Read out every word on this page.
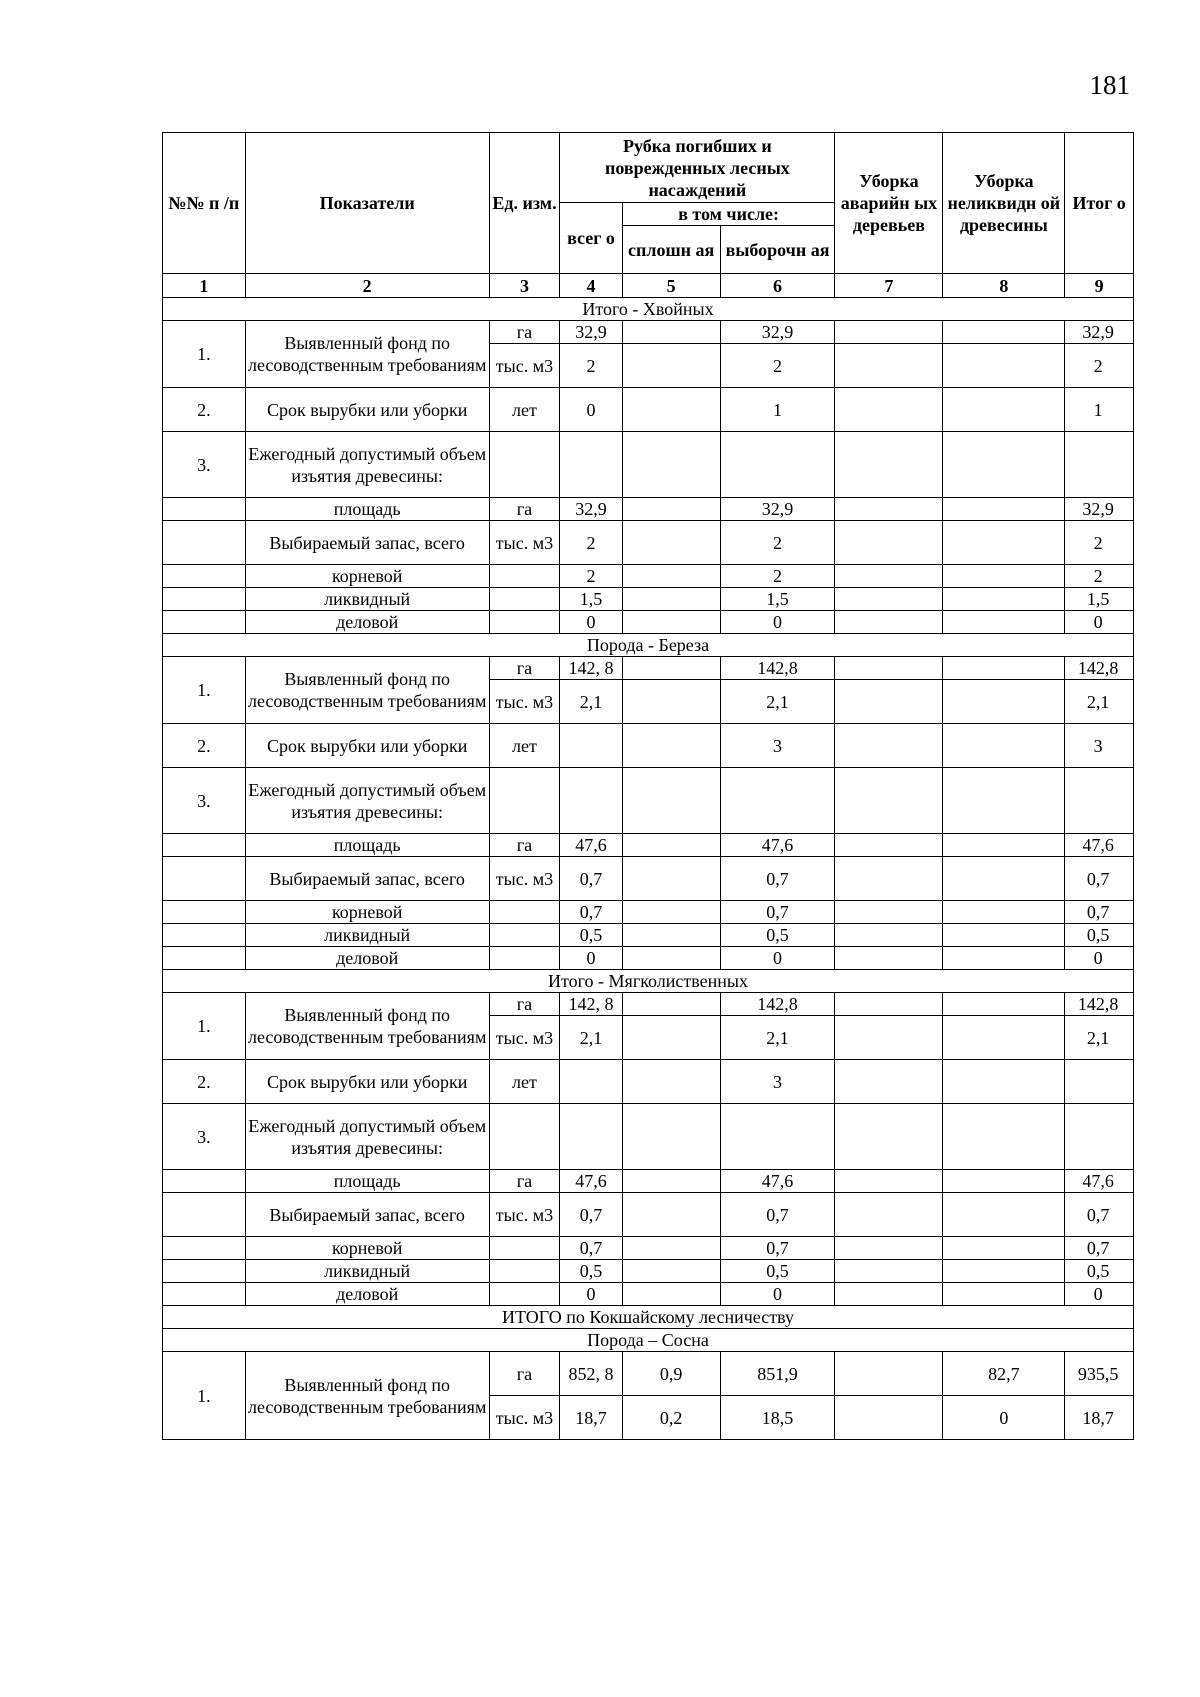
181
№№ п /п	Показатели	Ед. изм.	Рубка погибших и поврежденных лесных насаждений			Уборка аварийн ых деревьев	Уборка неликвидн ой древесины	Итог о
			всег о	в том числе:				
				сплошн ая	выборочн ая			
1	2	3	4	5	6	7	8	9
Итого - Хвойных								
1.	Выявленный фонд по лесоводственным требованиям	га	32,9		32,9			32,9
		тыс. м3	2		2			2
2.	Срок вырубки или уборки	лет	0		1			1
3.	Ежегодный допустимый объем изъятия древесины:							
	площадь	га	32,9		32,9			32,9
	Выбираемый запас, всего	тыс. м3	2		2			2
	корневой		2		2			2
	ликвидный		1,5		1,5			1,5
	деловой		0		0			0
Порода - Береза								
1.	Выявленный фонд по лесоводственным требованиям	га	142, 8		142,8			142,8
		тыс. м3	2,1		2,1			2,1
2.	Срок вырубки или уборки	лет			3			3
3.	Ежегодный допустимый объем изъятия древесины:							
	площадь	га	47,6		47,6			47,6
	Выбираемый запас, всего	тыс. м3	0,7		0,7			0,7
	корневой		0,7		0,7			0,7
	ликвидный		0,5		0,5			0,5
	деловой		0		0			0
Итого - Мягколиственных								
1.	Выявленный фонд по лесоводственным требованиям	га	142, 8		142,8			142,8
		тыс. м3	2,1		2,1			2,1
2.	Срок вырубки или уборки	лет			3			
3.	Ежегодный допустимый объем изъятия древесины:							
	площадь	га	47,6		47,6			47,6
	Выбираемый запас, всего	тыс. м3	0,7		0,7			0,7
	корневой		0,7		0,7			0,7
	ликвидный		0,5		0,5			0,5
	деловой		0		0			0
ИТОГО по Кокшайскому лесничеству								
Порода – Сосна								
1.	Выявленный фонд по лесоводственным требованиям	га	852, 8	0,9	851,9		82,7	935,5
		тыс. м3	18,7	0,2	18,5		0	18,7
